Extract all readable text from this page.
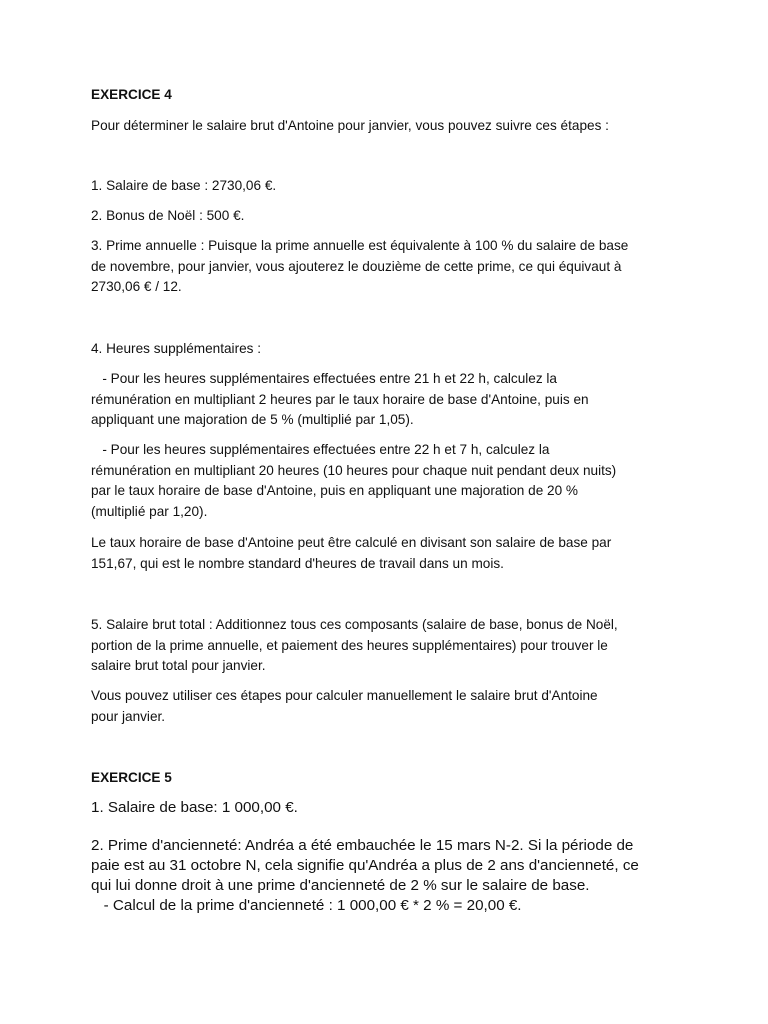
EXERCICE 4

Pour déterminer le salaire brut d'Antoine pour janvier, vous pouvez suivre ces étapes :

1. Salaire de base : 2730,06 €.

2. Bonus de Noël : 500 €.

3. Prime annuelle : Puisque la prime annuelle est équivalente à 100 % du salaire de base
de novembre, pour janvier, vous ajouterez le douzième de cette prime, ce qui équivaut à
2730,06 € / 12.

4. Heures supplémentaires :

- Pour les heures supplémentaires effectuées entre 21 h et 22 h, calculez la
rémunération en multipliant 2 heures par le taux horaire de base d'Antoine, puis en
appliquant une majoration de 5 % (multiplié par 1,05).

- Pour les heures supplémentaires effectuées entre 22 h et 7 h, calculez la
rémunération en multipliant 20 heures (10 heures pour chaque nuit pendant deux nuits)
par le taux horaire de base d'Antoine, puis en appliquant une majoration de 20 %
(multiplié par 1,20).

Le taux horaire de base d'Antoine peut être calculé en divisant son salaire de base par
151,67, qui est le nombre standard d'heures de travail dans un mois.

5. Salaire brut total : Additionnez tous ces composants (salaire de base, bonus de Noël,
portion de la prime annuelle, et paiement des heures supplémentaires) pour trouver le
salaire brut total pour janvier.

Vous pouvez utiliser ces étapes pour calculer manuellement le salaire brut d'Antoine
pour janvier.

EXERCICE 5

1. Salaire de base: 1 000,00 €.

2. Prime d'ancienneté: Andréa a été embauchée le 15 mars N-2. Si la période de
paie est au 31 octobre N, cela signifie qu'Andréa a plus de 2 ans d'ancienneté, ce
qui lui donne droit à une prime d'ancienneté de 2 % sur le salaire de base.
- Calcul de la prime d'ancienneté : 1 000,00 € * 2 % = 20,00 €.
